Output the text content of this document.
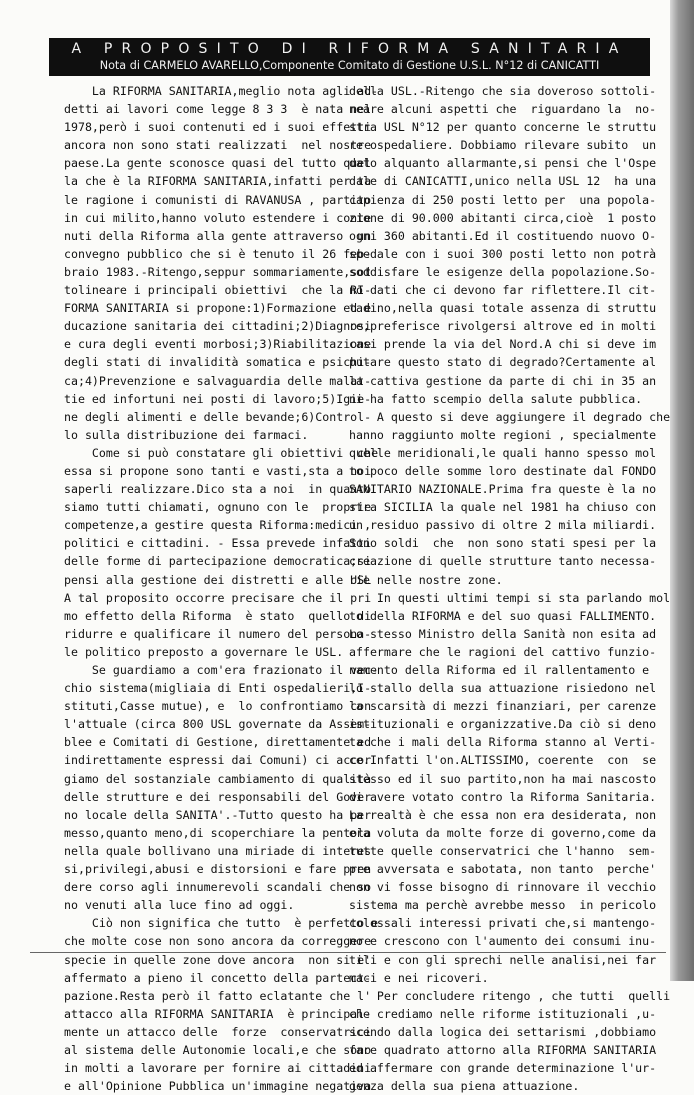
A PROPOSITO DI RIFORMA SANITARIA
Nota di CARMELO AVARELLO,Componente Comitato di Gestione U.S.L. N°12 di CANICATTI
La RIFORMA SANITARIA,meglio nota agli ad-
detti ai lavori come legge 8 3 3  è nata nel
1978,però i suoi contenuti ed i suoi effetti
ancora non sono stati realizzati  nel nostre
paese.La gente sconosce quasi del tutto quel
la che è la RIFORMA SANITARIA,infatti per ta
le ragione i comunisti di RAVANUSA , partito
in cui milito,hanno voluto estendere i conte
nuti della Riforma alla gente attraverso  un
convegno pubblico che si è tenuto il 26 feb-
braio 1983.-Ritengo,seppur sommariamente,sot
tolineare i principali obiettivi  che la RI-
FORMA SANITARIA si propone:1)Formazione ed e
ducazione sanitaria dei cittadini;2)Diagnosi
e cura degli eventi morbosi;3)Riabilitazione
degli stati di invalidità somatica e psichi-
ca;4)Prevenzione e salvaguardia delle malat-
tie ed infortuni nei posti di lavoro;5)Igie-
ne degli alimenti e delle bevande;6)Control-
lo sulla distribuzione dei farmaci.
Come si può constatare gli obiettivi  che
essa si propone sono tanti e vasti,sta a noi
saperli realizzare.Dico sta a noi  in quanto
siamo tutti chiamati, ognuno con le  proprie
competenze,a gestire questa Riforma:medici ,
politici e cittadini. - Essa prevede infatti
delle forme di partecipazione democratica;si
pensi alla gestione dei distretti e alle USL
A tal proposito occorre precisare che il pri
mo effetto della Riforma  è stato  quello di
ridurre e qualificare il numero del persona-
le politico preposto a governare le USL.
Se guardiamo a com'era frazionato il vec-
chio sistema(migliaia di Enti ospedalieri,I-
stituti,Casse mutue), e  lo confrontiamo con
l'attuale (circa 800 USL governate da Assem-
blee e Comitati di Gestione, direttamente ed
indirettamente espressi dai Comuni) ci accor
giamo del sostanziale cambiamento di qualità
delle strutture e dei responsabili del Gover
no locale della SANITA'.-Tutto questo ha per
messo,quanto meno,di scoperchiare la pentola
nella quale bollivano una miriade di interes
si,privilegi,abusi e distorsioni e fare pren
dere corso agli innumerevoli scandali che so
no venuti alla luce fino ad oggi.
Ciò non significa che tutto  è perfetto e
che molte cose non sono ancora da correggere
specie in quelle zone dove ancora  non si e'
affermato a pieno il concetto della partect-
pazione.Resta però il fatto eclatante che l'
attacco alla RIFORMA SANITARIA  è principal-
mente un attacco delle  forze  conservatrici
al sistema delle Autonomie locali,e che sono
in molti a lavorare per fornire ai cittadini
e all'Opinione Pubblica un'immagine negativa
della USL.-Ritengo che sia doveroso sottoli-
neare alcuni aspetti che  riguardano la  no-
stra USL N°12 per quanto concerne le struttu
re ospedaliere. Dobbiamo rilevare subito  un
dato alquanto allarmante,si pensi che l'Ospe
dale di CANICATTI,unico nella USL 12  ha una
capienza di 250 posti letto per  una popola-
zione di 90.000 abitanti circa,cioè  1 posto
ogni 360 abitanti.Ed il costituendo nuovo O-
spedale con i suoi 300 posti letto non potrà
soddisfare le esigenze della popolazione.So-
no dati che ci devono far riflettere.Il cit-
tadino,nella quasi totale assenza di struttu
re,preferisce rivolgersi altrove ed in molti
casi prende la via del Nord.A chi si deve im
putare questo stato di degrado?Certamente al
la cattiva gestione da parte di chi in 35 an
ni ha fatto scempio della salute pubblica.
A questo si deve aggiungere il degrado che
hanno raggiunto molte regioni , specialmente
quelle meridionali,le quali hanno spesso mol
to poco delle somme loro destinate dal FONDO
SANITARIO NAZIONALE.Prima fra queste è la no
stra SICILIA la quale nel 1981 ha chiuso con
un residuo passivo di oltre 2 mila miliardi.
Sono soldi  che  non sono stati spesi per la
creazione di quelle strutture tanto necessa-
rie nelle nostre zone.
In questi ultimi tempi si sta parlando mol
to della RIFORMA e del suo quasi FALLIMENTO.
Lo stesso Ministro della Sanità non esita ad
affermare che le ragioni del cattivo funzio-
namento della Riforma ed il rallentamento e
lo stallo della sua attuazione risiedono nel
la scarsità di mezzi finanziari, per carenze
istituzionali e organizzative.Da ciò si deno
ta che i mali della Riforma stanno al Verti-
ce.Infatti l'on.ALTISSIMO, coerente  con  se
stesso ed il suo partito,non ha mai nascosto
di avere votato contro la Riforma Sanitaria.
La realtà è che essa non era desiderata, non
era voluta da molte forze di governo,come da
tutte quelle conservatrici che l'hanno  sem-
pre avversata e sabotata, non tanto  perche'
non vi fosse bisogno di rinnovare il vecchio
sistema ma perchè avrebbe messo  in pericolo
colossali interessi privati che,si mantengo-
no e crescono con l'aumento dei consumi inu-
tili e con gli sprechi nelle analisi,nei far
maci e nei ricoveri.
Per concludere ritengo , che tutti  quelli
che crediamo nelle riforme istituzionali ,u-
scendo dalla logica dei settarismi ,dobbiamo
fare quadrato attorno alla RIFORMA SANITARIA
ed affermare con grande determinazione l'ur-
genza della sua piena attuazione.
